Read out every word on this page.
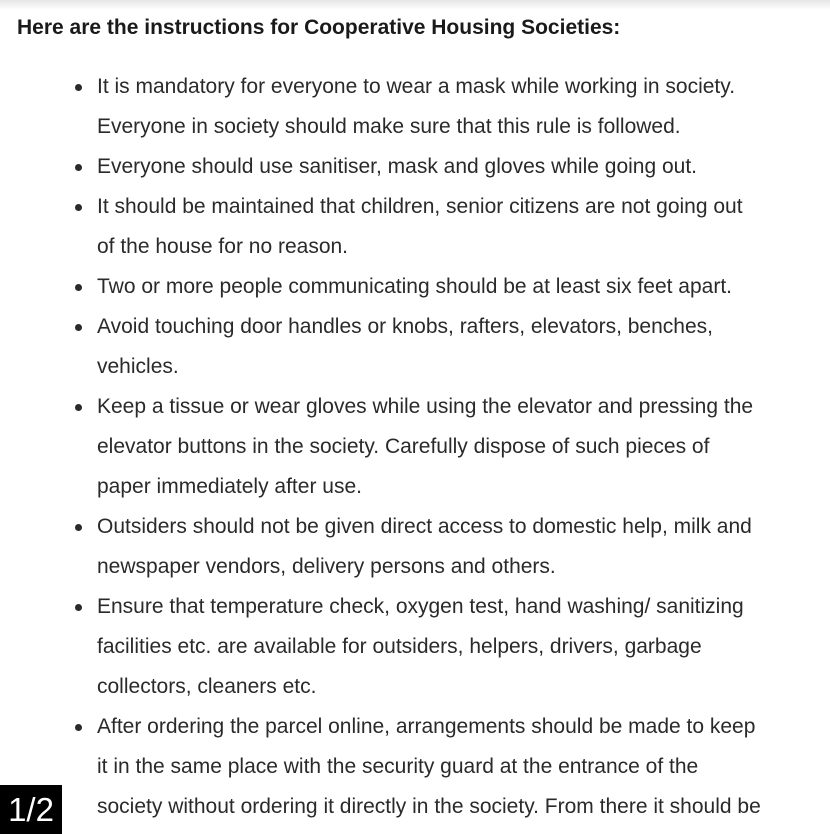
Here are the instructions for Cooperative Housing Societies:
It is mandatory for everyone to wear a mask while working in society.
Everyone in society should make sure that this rule is followed.
Everyone should use sanitiser, mask and gloves while going out.
It should be maintained that children, senior citizens are not going out
of the house for no reason.
Two or more people communicating should be at least six feet apart.
Avoid touching door handles or knobs, rafters, elevators, benches,
vehicles.
Keep a tissue or wear gloves while using the elevator and pressing the
elevator buttons in the society. Carefully dispose of such pieces of
paper immediately after use.
Outsiders should not be given direct access to domestic help, milk and
newspaper vendors, delivery persons and others.
Ensure that temperature check, oxygen test, hand washing/ sanitizing
facilities etc. are available for outsiders, helpers, drivers, garbage
collectors, cleaners etc.
After ordering the parcel online, arrangements should be made to keep
it in the same place with the security guard at the entrance of the
society without ordering it directly in the society. From there it should be
1/2
